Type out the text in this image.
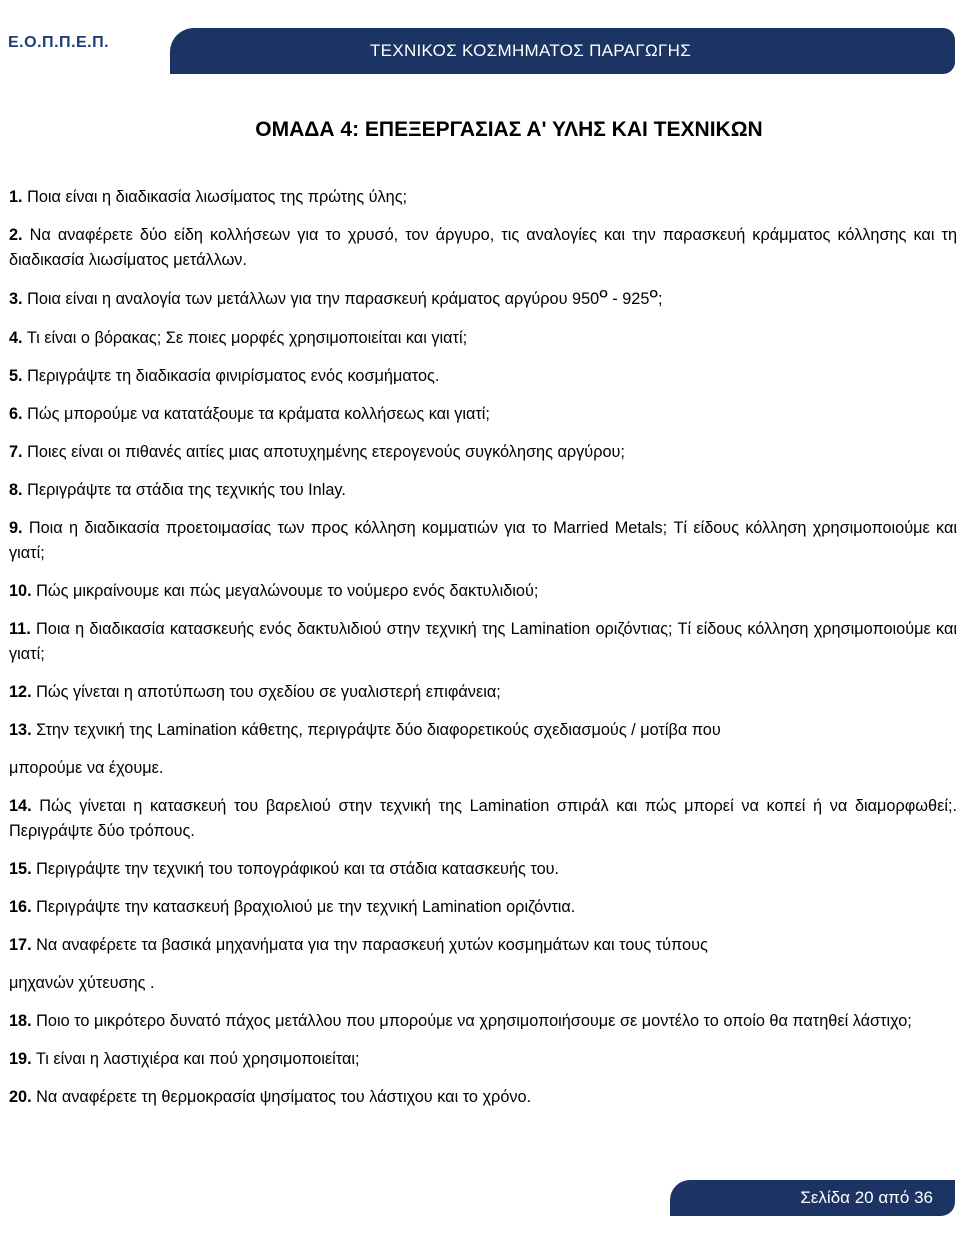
Ε.Ο.Π.Π.Ε.Π.	ΤΕΧΝΙΚΟΣ ΚΟΣΜΗΜΑΤΟΣ ΠΑΡΑΓΩΓΗΣ
ΟΜΑΔΑ 4: ΕΠΕΞΕΡΓΑΣΙΑΣ Α' ΥΛΗΣ ΚΑΙ ΤΕΧΝΙΚΩΝ

1. Ποια είναι η διαδικασία λιωσίματος της πρώτης ύλης;

2. Να αναφέρετε δύο είδη κολλήσεων για το χρυσό, τον άργυρο, τις αναλογίες και την παρασκευή κράμματος κόλλησης και τη διαδικασία λιωσίματος μετάλλων.

3. Ποια είναι η αναλογία των μετάλλων για την παρασκευή κράματος αργύρου $950^O - 925^O$;

4. Τι είναι ο βόρακας; Σε ποιες μορφές χρησιμοποιείται και γιατί;

5. Περιγράψτε τη διαδικασία φινιρίσματος ενός κοσμήματος.

6. Πώς μπορούμε να κατατάξουμε τα κράματα κολλήσεως και γιατί;

7. Ποιες είναι οι πιθανές αιτίες μιας αποτυχημένης ετερογενούς συγκόλησης αργύρου;

8. Περιγράψτε τα στάδια της τεχνικής του Inlay.

9. Ποια η διαδικασία προετοιμασίας των προς κόλληση κομματιών για το Married Metals; Τί είδους κόλληση χρησιμοποιούμε και γιατί;

10. Πώς μικραίνουμε και πώς μεγαλώνουμε το νούμερο ενός δακτυλιδιού;

11. Ποια η διαδικασία κατασκευής ενός δακτυλιδιού στην τεχνική της Lamination οριζόντιας; Τί είδους κόλληση χρησιμοποιούμε και γιατί;

12. Πώς γίνεται η αποτύπωση του σχεδίου σε γυαλιστερή επιφάνεια;

13. Στην τεχνική της Lamination κάθετης, περιγράψτε δύο διαφορετικούς σχεδιασμούς / μοτίβα που

μπορούμε να έχουμε.

14. Πώς γίνεται η κατασκευή του βαρελιού στην τεχνική της Lamination σπιράλ και πώς μπορεί να κοπεί ή να διαμορφωθεί;. Περιγράψτε δύο τρόπους.

15. Περιγράψτε την τεχνική του τοπογράφικού και τα στάδια κατασκευής του.

16. Περιγράψτε την κατασκευή βραχιολιού με την τεχνική Lamination οριζόντια.

17. Να αναφέρετε τα βασικά μηχανήματα για την παρασκευή χυτών κοσμημάτων και τους τύπους

μηχανών χύτευσης .

18. Ποιο το μικρότερο δυνατό πάχος μετάλλου που μπορούμε να χρησιμοποιήσουμε σε μοντέλο το οποίο θα πατηθεί λάστιχο;

19. Τι είναι η λαστιχιέρα και πού χρησιμοποιείται;

20. Να αναφέρετε τη θερμοκρασία ψησίματος του λάστιχου και το χρόνο.

Σελίδα 20 από 36
